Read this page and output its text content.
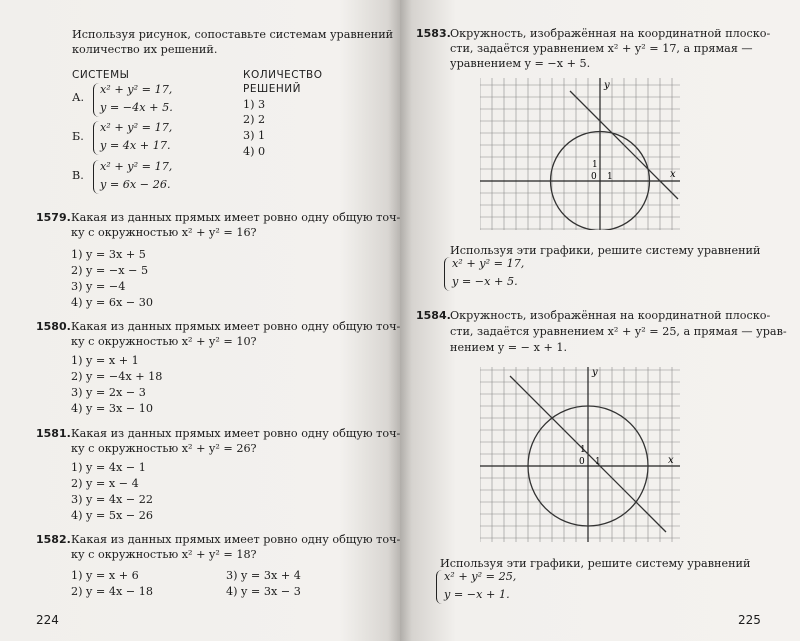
Используя рисунок, сопоставьте системам уравнений
количество их решений.
СИСТЕМЫ	КОЛИЧЕСТВО
РЕШЕНИЙ
А.
x² + y² = 17,
y = −4x + 5.
Б.
x² + y² = 17,
y = 4x + 17.
В.
x² + y² = 17,
y = 6x − 26.
1) 3
2) 2
3) 1
4) 0
1579. Какая из данных прямых имеет ровно одну общую точ-
ку с окружностью x² + y² = 16?
1) y = 3x + 5
2) y = −x − 5
3) y = −4
4) y = 6x − 30
1580. Какая из данных прямых имеет ровно одну общую точ-
ку с окружностью x² + y² = 10?
1) y = x + 1
2) y = −4x + 18
3) y = 2x − 3
4) y = 3x − 10
1581. Какая из данных прямых имеет ровно одну общую точ-
ку с окружностью x² + y² = 26?
1) y = 4x − 1
2) y = x − 4
3) y = 4x − 22
4) y = 5x − 26
1582. Какая из данных прямых имеет ровно одну общую точ-
ку с окружностью x² + y² = 18?
1) y = x + 6
2) y = 4x − 18
3) y = 3x + 4
4) y = 3x − 3
224
1583. Окружность, изображённая на координатной плоско-
сти, задаётся уравнением x² + y² = 17, а прямая —
уравнением y = −x + 5.
x
y
0 1
1
Используя эти графики, решите систему уравнений
x² + y² = 17,
y = −x + 5.
1584. Окружность, изображённая на координатной плоско-
сти, задаётся уравнением x² + y² = 25, а прямая — урав-
нением y = − x + 1.
x
y
0 1
1
Используя эти графики, решите систему уравнений
x² + y² = 25,
y = −x + 1.
225
